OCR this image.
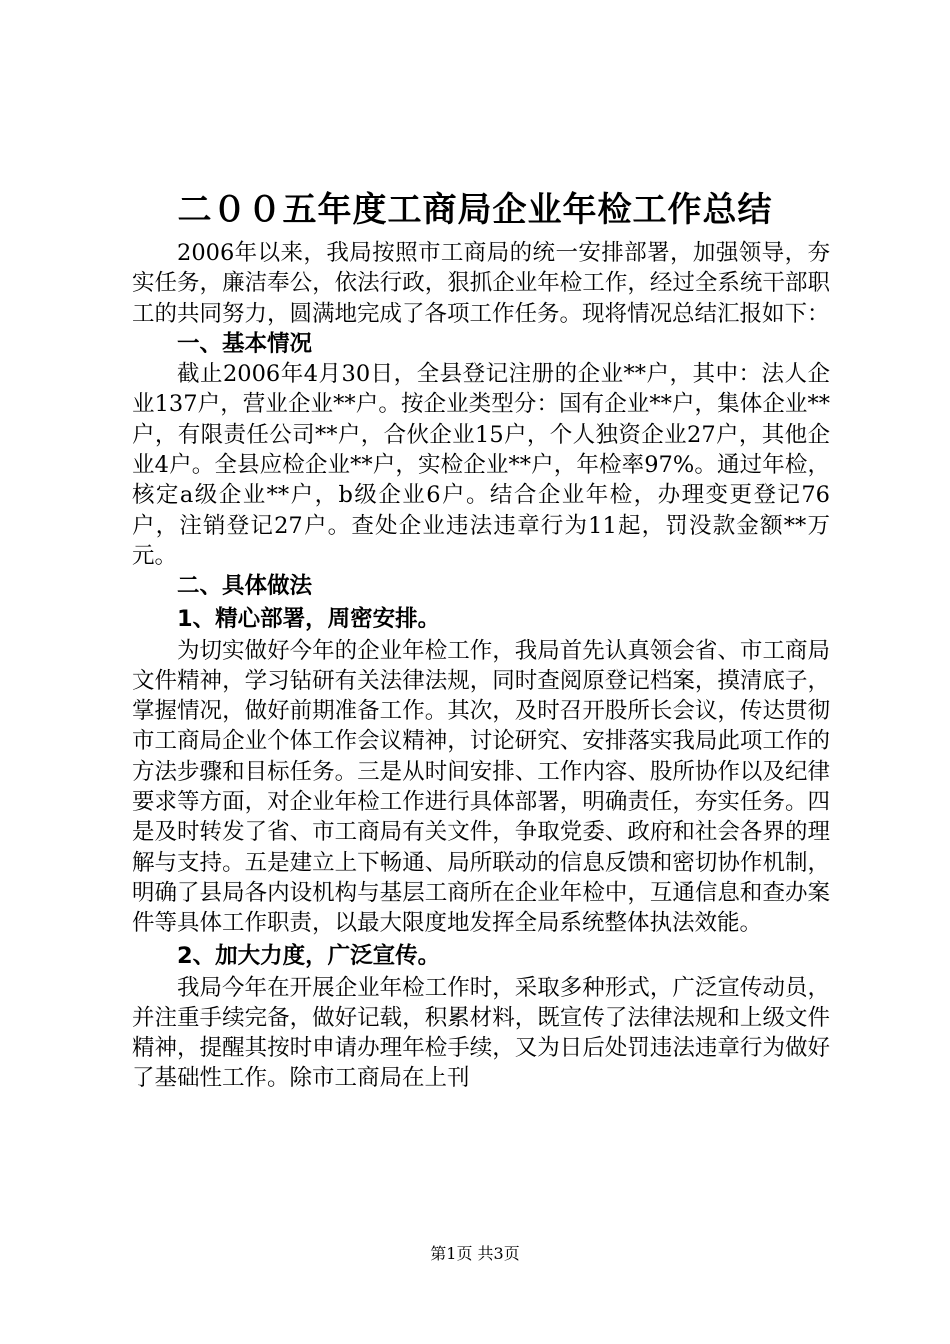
二００五年度工商局企业年检工作总结

2006年以来，我局按照市工商局的统一安排部署，加强领导，夯实任务，廉洁奉公，依法行政，狠抓企业年检工作，经过全系统干部职工的共同努力，圆满地完成了各项工作任务。现将情况总结汇报如下：

一、基本情况

截止2006年4月30日，全县登记注册的企业**户，其中：法人企业137户，营业企业**户。按企业类型分：国有企业**户，集体企业**户，有限责任公司**户，合伙企业15户，个人独资企业27户，其他企业4户。全县应检企业**户，实检企业**户，年检率97%。通过年检，核定a级企业**户，b级企业6户。结合企业年检，办理变更登记76户，注销登记27户。查处企业违法违章行为11起，罚没款金额**万元。

二、具体做法
1、精心部署，周密安排。

为切实做好今年的企业年检工作，我局首先认真领会省、市工商局文件精神，学习钻研有关法律法规，同时查阅原登记档案，摸清底子，掌握情况，做好前期准备工作。其次，及时召开股所长会议，传达贯彻市工商局企业个体工作会议精神，讨论研究、安排落实我局此项工作的方法步骤和目标任务。三是从时间安排、工作内容、股所协作以及纪律要求等方面，对企业年检工作进行具体部署，明确责任，夯实任务。四是及时转发了省、市工商局有关文件，争取党委、政府和社会各界的理解与支持。五是建立上下畅通、局所联动的信息反馈和密切协作机制，明确了县局各内设机构与基层工商所在企业年检中，互通信息和查办案件等具体工作职责，以最大限度地发挥全局系统整体执法效能。

2、加大力度，广泛宣传。

我局今年在开展企业年检工作时，采取多种形式，广泛宣传动员，并注重手续完备，做好记载，积累材料，既宣传了法律法规和上级文件精神，提醒其按时申请办理年检手续，又为日后处罚违法违章行为做好了基础性工作。除市工商局在上刊

第1页 共3页
